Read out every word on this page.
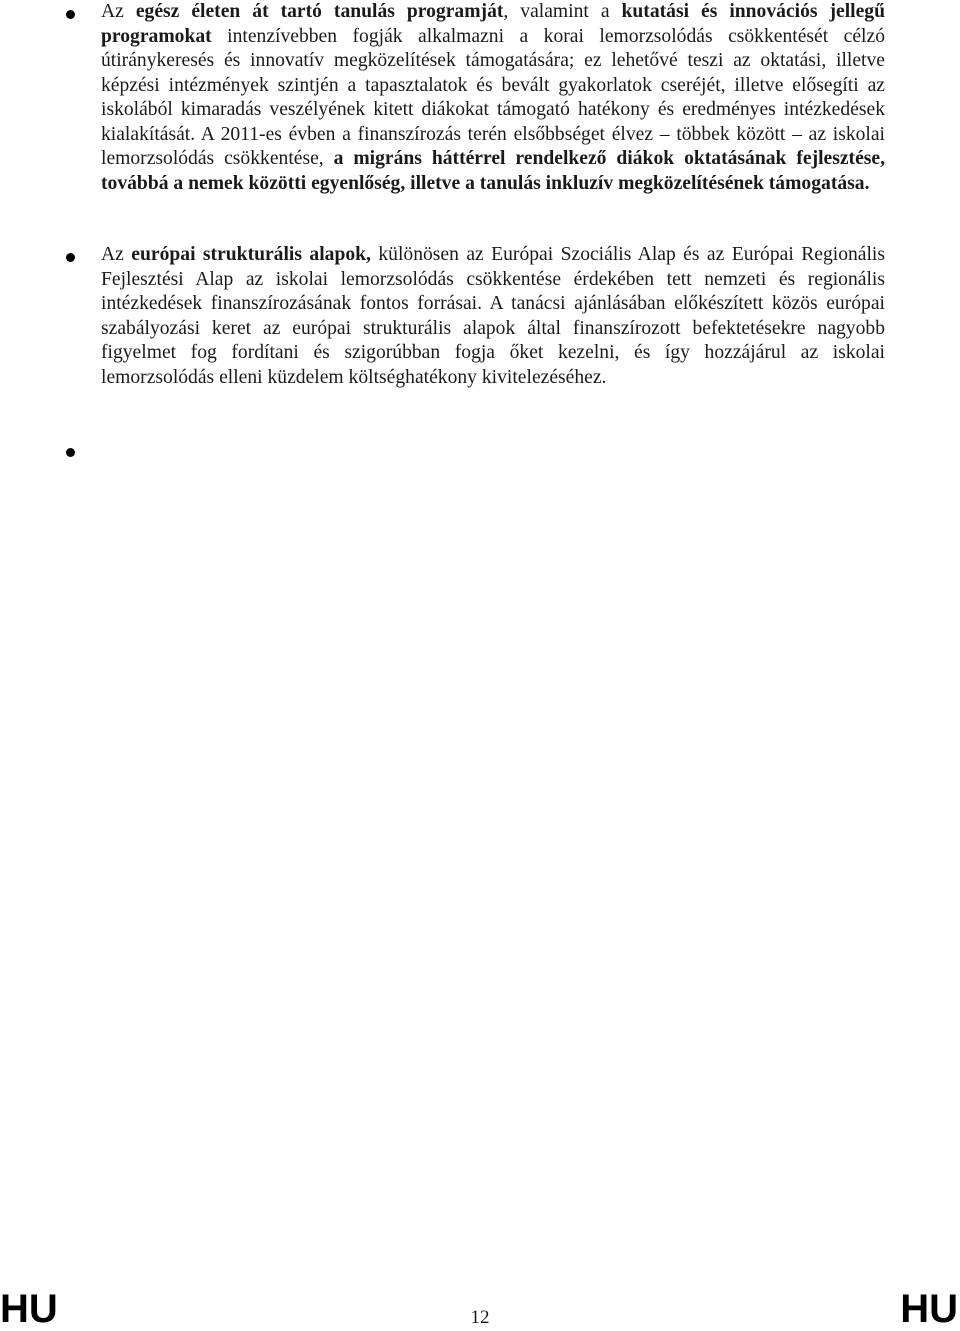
Az egész életen át tartó tanulás programját, valamint a kutatási és innovációs jellegű programokat intenzívebben fogják alkalmazni a korai lemorzsolódás csökkentését célzó útiránykeresés és innovatív megközelítések támogatására; ez lehetővé teszi az oktatási, illetve képzési intézmények szintjén a tapasztalatok és bevált gyakorlatok cseréjét, illetve elősegíti az iskolából kimaradás veszélyének kitett diákokat támogató hatékony és eredményes intézkedések kialakítását. A 2011-es évben a finanszírozás terén elsőbbséget élvez – többek között – az iskolai lemorzsolódás csökkentése, a migráns háttérrel rendelkező diákok oktatásának fejlesztése, továbbá a nemek közötti egyenlőség, illetve a tanulás inkluzív megközelítésének támogatása.
Az európai strukturális alapok, különösen az Európai Szociális Alap és az Európai Regionális Fejlesztési Alap az iskolai lemorzsolódás csökkentése érdekében tett nemzeti és regionális intézkedések finanszírozásának fontos forrásai. A tanácsi ajánlásában előkészített közös európai szabályozási keret az európai strukturális alapok által finanszírozott befektetésekre nagyobb figyelmet fog fordítani és szigorúbban fogja őket kezelni, és így hozzájárul az iskolai lemorzsolódás elleni küzdelem költséghatékony kivitelezéséhez.
HU	12	HU
